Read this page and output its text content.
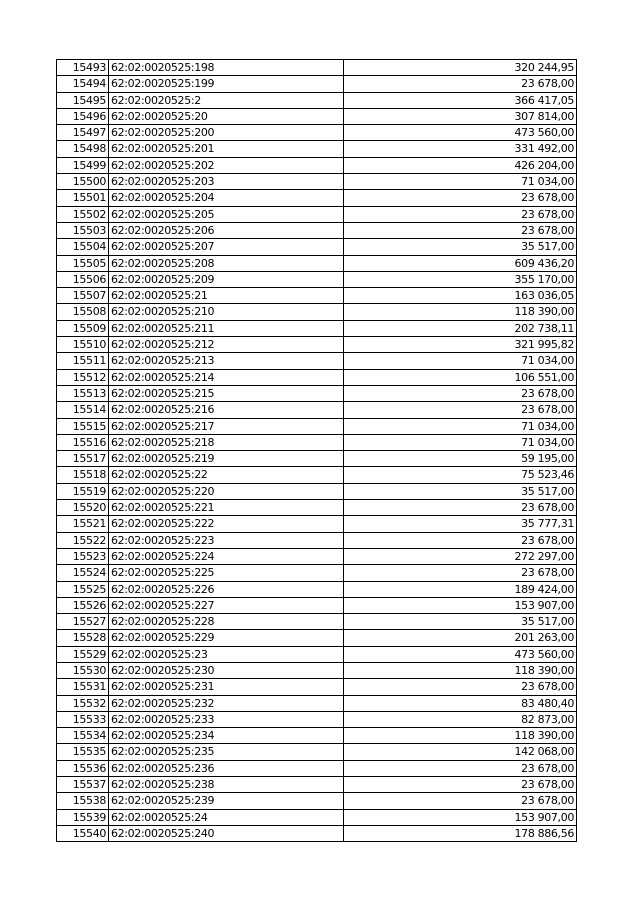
15493	62:02:0020525:198	320 244,95
15494	62:02:0020525:199	23 678,00
15495	62:02:0020525:2	366 417,05
15496	62:02:0020525:20	307 814,00
15497	62:02:0020525:200	473 560,00
15498	62:02:0020525:201	331 492,00
15499	62:02:0020525:202	426 204,00
15500	62:02:0020525:203	71 034,00
15501	62:02:0020525:204	23 678,00
15502	62:02:0020525:205	23 678,00
15503	62:02:0020525:206	23 678,00
15504	62:02:0020525:207	35 517,00
15505	62:02:0020525:208	609 436,20
15506	62:02:0020525:209	355 170,00
15507	62:02:0020525:21	163 036,05
15508	62:02:0020525:210	118 390,00
15509	62:02:0020525:211	202 738,11
15510	62:02:0020525:212	321 995,82
15511	62:02:0020525:213	71 034,00
15512	62:02:0020525:214	106 551,00
15513	62:02:0020525:215	23 678,00
15514	62:02:0020525:216	23 678,00
15515	62:02:0020525:217	71 034,00
15516	62:02:0020525:218	71 034,00
15517	62:02:0020525:219	59 195,00
15518	62:02:0020525:22	75 523,46
15519	62:02:0020525:220	35 517,00
15520	62:02:0020525:221	23 678,00
15521	62:02:0020525:222	35 777,31
15522	62:02:0020525:223	23 678,00
15523	62:02:0020525:224	272 297,00
15524	62:02:0020525:225	23 678,00
15525	62:02:0020525:226	189 424,00
15526	62:02:0020525:227	153 907,00
15527	62:02:0020525:228	35 517,00
15528	62:02:0020525:229	201 263,00
15529	62:02:0020525:23	473 560,00
15530	62:02:0020525:230	118 390,00
15531	62:02:0020525:231	23 678,00
15532	62:02:0020525:232	83 480,40
15533	62:02:0020525:233	82 873,00
15534	62:02:0020525:234	118 390,00
15535	62:02:0020525:235	142 068,00
15536	62:02:0020525:236	23 678,00
15537	62:02:0020525:238	23 678,00
15538	62:02:0020525:239	23 678,00
15539	62:02:0020525:24	153 907,00
15540	62:02:0020525:240	178 886,56
